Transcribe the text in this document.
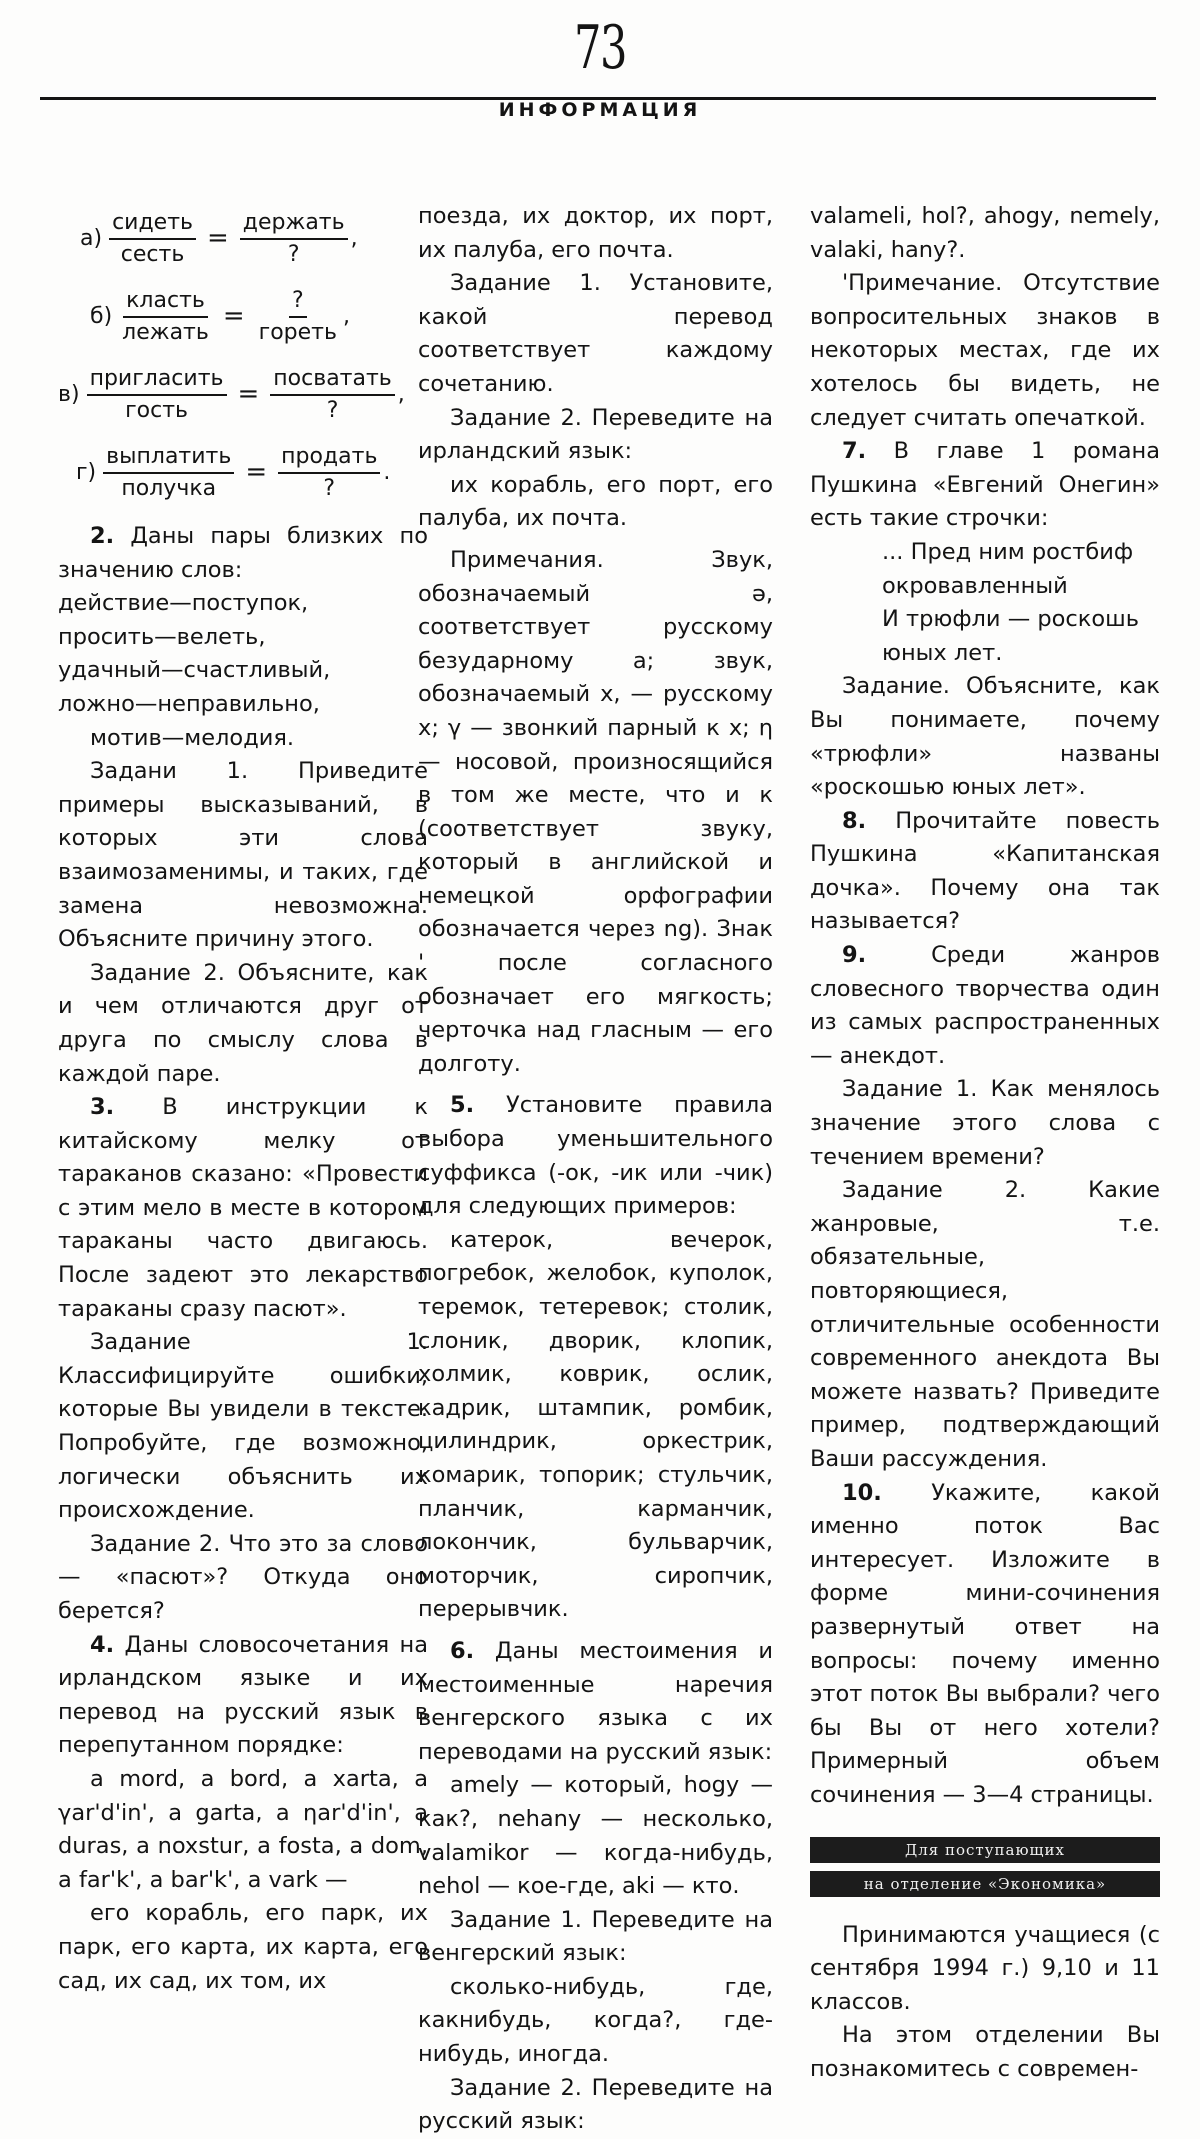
73
ИНФОРМАЦИЯ
$а) \frac{\text{сидеть}}{\text{сесть}} = \frac{\text{держать}}{?}$ ,
$б) \frac{\text{класть}}{\text{лежать}} = \frac{?}{\text{гореть}}$ ,
$в) \frac{\text{пригласить}}{\text{гость}} = \frac{\text{посватать}}{?}$ ,
$г) \frac{\text{выплатить}}{\text{получка}} = \frac{\text{продать}}{?}$ .

2. Даны пары близких по значению слов:

действие—поступок,

просить—велеть,

удачный—счастливый,

ложно—неправильно,

мотив—мелодия.

Задани 1. Приведите примеры высказываний, в которых эти слова взаимозаменимы, и таких, где замена невозможна. Объясните причину этого.

Задание 2. Объясните, как и чем отличаются друг от друга по смыслу слова в каждой паре.

3. В инструкции к китайскому мелку от тараканов сказано: «Провести с этим мело в месте в котором тараканы часто двигаюсь. После задеют это лекарство тараканы сразу пасют».

Задание 1. Классифицируйте ошибки, которые Вы увидели в тексте. Попробуйте, где возможно, логически объяснить их происхождение.

Задание 2. Что это за слово — «пасют»? Откуда оно берется?

4. Даны словосочетания на ирландском языке и их перевод на русский язык в перепутанном порядке:

a mord, a bord, a xarta, a γar'd'in', a garta, a ηar'd'in', a duras, a noxstur, a fosta, a dom, a far'k', a bar'k', a vark —

его корабль, его парк, их парк, его карта, их карта, его сад, их сад, их том, их

поезда, их доктор, их порт, их палуба, его почта.

Задание 1. Установите, какой перевод соответствует каждому сочетанию.

Задание 2. Переведите на ирландский язык:

их корабль, его порт, его палуба, их почта.

Примечания. Звук, обозначаемый ə, соответствует русскому безударному а; звук, обозначаемый x, — русскому х; γ — звонкий парный к х; η — носовой, произносящийся в том же месте, что и к (соответствует звуку, который в английской и немецкой орфографии обозначается через ng). Знак ' после согласного обозначает его мягкость; черточка над гласным — его долготу.

5. Установите правила выбора уменьшительного суффикса (-ок, -ик или -чик) для следующих примеров:

катерок, вечерок, погребок, желобок, куполок, теремок, тетеревок; столик, слоник, дворик, клопик, холмик, коврик, ослик, кадрик, штампик, ромбик, цилиндрик, оркестрик, комарик, топорик; стульчик, планчик, карманчик, локончик, бульварчик, моторчик, сиропчик, перерывчик.

6. Даны местоимения и местоименные наречия венгерского языка с их переводами на русский язык:

amely — который, hogy — как?, nehany — несколько, valamikor — когда-нибудь, nehol — кое-где, aki — кто.

Задание 1. Переведите на венгерский язык:

сколько-нибудь, где, какнибудь, когда?, где-нибудь, иногда.

Задание 2. Переведите на русский язык:

valameli, hol?, ahogy, nemely, valaki, hany?.

'Примечание. Отсутствие вопросительных знаков в некоторых местах, где их хотелось бы видеть, не следует считать опечаткой.

7. В главе 1 романа Пушкина «Евгений Онегин» есть такие строчки:

... Пред ним ростбиф окровавленный

И трюфли — роскошь юных лет.

Задание. Объясните, как Вы понимаете, почему «трюфли» названы «роскошью юных лет».

8. Прочитайте повесть Пушкина «Капитанская дочка». Почему она так называется?

9.	Среди жанров словесного творчества один из самых распространенных — анекдот.

Задание 1. Как менялось значение этого слова с течением времени?

Задание 2. Какие жанровые, т.е. обязательные, повторяющиеся, отличительные особенности современного анекдота Вы можете назвать? Приведите пример, подтверждающий Ваши рассуждения.

10. Укажите, какой именно поток Вас интересует. Изложите в форме мини-сочинения развернутый ответ на вопросы: почему именно этот поток Вы выбрали? чего бы Вы от него хотели? Примерный объем сочинения — 3—4 страницы.

Для поступающих
на отделение «Экономика»

Принимаются учащиеся (с сентября 1994 г.) 9,10 и 11 классов.

На этом отделении Вы познакомитесь с современ-
